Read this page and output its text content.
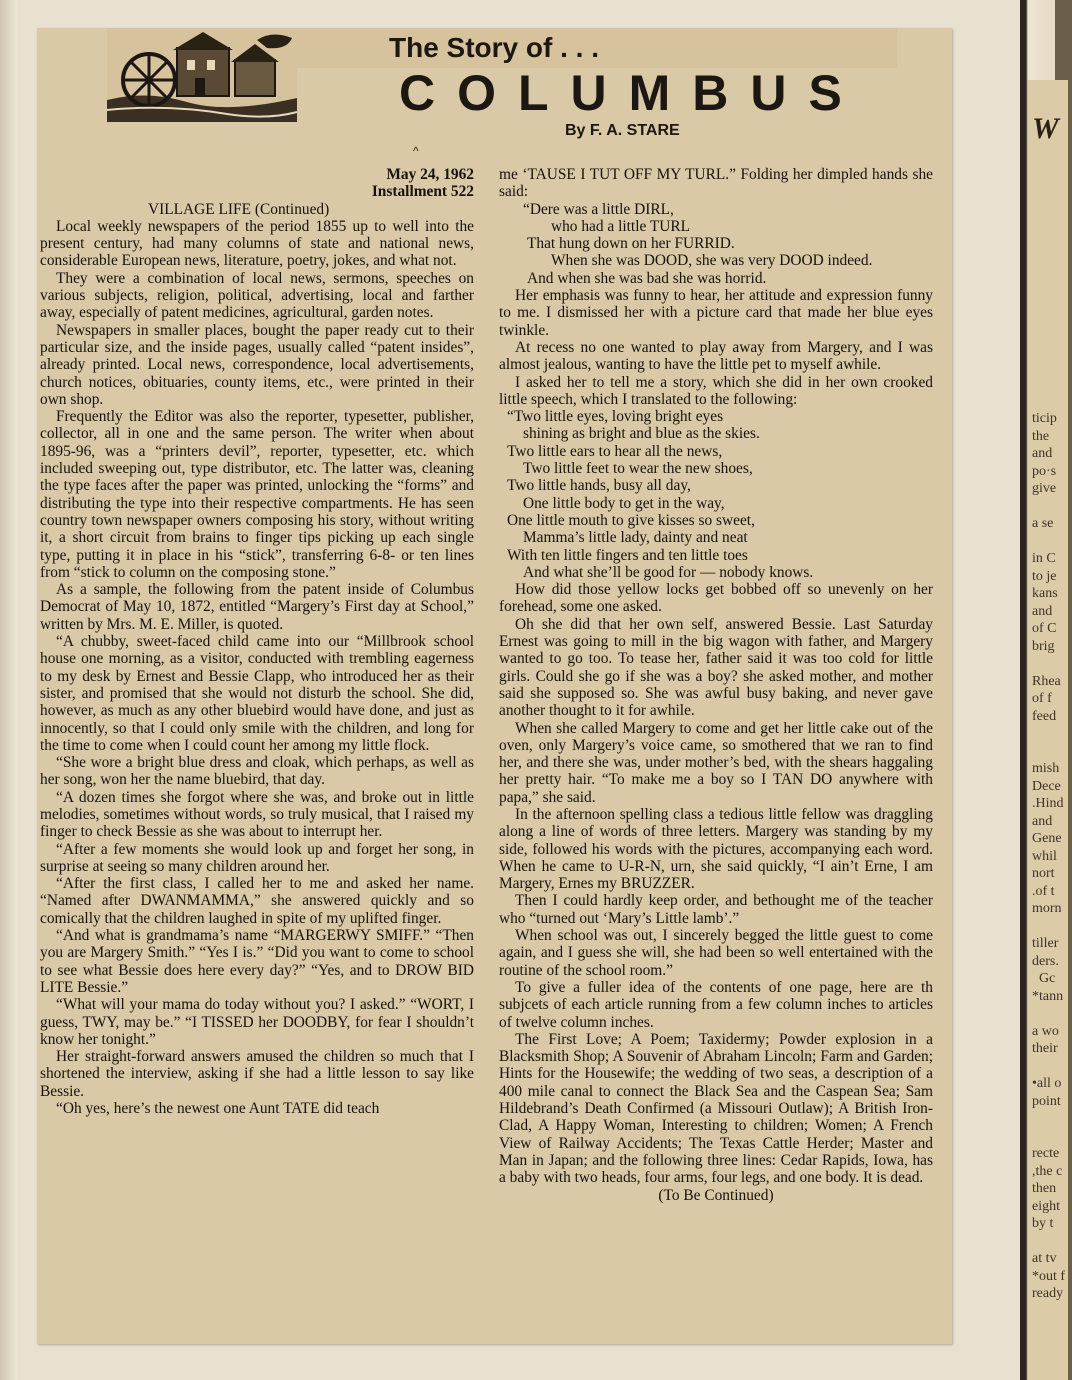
The Story of . . .
COLUMBUS
By F. A. STARE
^

May 24, 1962

Installment 522

VILLAGE LIFE (Continued)

Local weekly newspapers of the period 1855 up to well into the present century, had many columns of state and national news, considerable European news, literature, poetry, jokes, and what not.

They were a combination of local news, sermons, speeches on various subjects, religion, political, advertising, local and farther away, especially of patent medicines, agricultural, garden notes.

Newspapers in smaller places, bought the paper ready cut to their particular size, and the inside pages, usually called “patent insides”, already printed. Local news, correspondence, local advertisements, church notices, obituaries, county items, etc., were printed in their own shop.

Frequently the Editor was also the reporter, typesetter, publisher, collector, all in one and the same person. The writer when about 1895-96, was a “printers devil”, reporter, typesetter, etc. which included sweeping out, type distributor, etc. The latter was, cleaning the type faces after the paper was printed, unlocking the “forms” and distributing the type into their respective compartments. He has seen country town newspaper owners composing his story, without writing it, a short circuit from brains to finger tips picking up each single type, putting it in place in his “stick”, transferring 6-8- or ten lines from “stick to column on the composing stone.”

As a sample, the following from the patent inside of Columbus Democrat of May 10, 1872, entitled “Margery’s First day at School,” written by Mrs. M. E. Miller, is quoted.

“A chubby, sweet-faced child came into our “Millbrook school house one morning, as a visitor, conducted with trembling eagerness to my desk by Ernest and Bessie Clapp, who introduced her as their sister, and promised that she would not disturb the school. She did, however, as much as any other bluebird would have done, and just as innocently, so that I could only smile with the children, and long for the time to come when I could count her among my little flock.

“She wore a bright blue dress and cloak, which perhaps, as well as her song, won her the name bluebird, that day.

“A dozen times she forgot where she was, and broke out in little melodies, sometimes without words, so truly musical, that I raised my finger to check Bessie as she was about to interrupt her.

“After a few moments she would look up and forget her song, in surprise at seeing so many children around her.

“After the first class, I called her to me and asked her name. “Named after DWANMAMMA,” she answered quickly and so comically that the children laughed in spite of my uplifted finger.

“And what is grandmama’s name “MARGERWY SMIFF.” “Then you are Margery Smith.” “Yes I is.” “Did you want to come to school to see what Bessie does here every day?” “Yes, and to DROW BID LITE Bessie.”

“What will your mama do today without you? I asked.” “WORT, I guess, TWY, may be.” “I TISSED her DOODBY, for fear I shouldn’t know her tonight.”

Her straight-forward answers amused the children so much that I shortened the interview, asking if she had a little lesson to say like Bessie.

“Oh yes, here’s the newest one Aunt TATE did teach

me ‘TAUSE I TUT OFF MY TURL.” Folding her dimpled hands she said:

“Dere was a little DIRL,

who had a little TURL

That hung down on her FURRID.

When she was DOOD, she was very DOOD indeed.

And when she was bad she was horrid.

Her emphasis was funny to hear, her attitude and expression funny to me. I dismissed her with a picture card that made her blue eyes twinkle.

At recess no one wanted to play away from Margery, and I was almost jealous, wanting to have the little pet to myself awhile.

I asked her to tell me a story, which she did in her own crooked little speech, which I translated to the following:

“Two little eyes, loving bright eyes

shining as bright and blue as the skies.

Two little ears to hear all the news,

Two little feet to wear the new shoes,

Two little hands, busy all day,

One little body to get in the way,

One little mouth to give kisses so sweet,

Mamma’s little lady, dainty and neat

With ten little fingers and ten little toes

And what she’ll be good for — nobody knows.

How did those yellow locks get bobbed off so unevenly on her forehead, some one asked.

Oh she did that her own self, answered Bessie. Last Saturday Ernest was going to mill in the big wagon with father, and Margery wanted to go too. To tease her, father said it was too cold for little girls. Could she go if she was a boy? she asked mother, and mother said she supposed so. She was awful busy baking, and never gave another thought to it for awhile.

When she called Margery to come and get her little cake out of the oven, only Margery’s voice came, so smothered that we ran to find her, and there she was, under mother’s bed, with the shears haggaling her pretty hair. “To make me a boy so I TAN DO anywhere with papa,” she said.

In the afternoon spelling class a tedious little fellow was draggling along a line of words of three letters. Margery was standing by my side, followed his words with the pictures, accompanying each word. When he came to U-R-N, urn, she said quickly, “I ain’t Erne, I am Margery, Ernes my BRUZZER.

Then I could hardly keep order, and bethought me of the teacher who “turned out ‘Mary’s Little lamb’.”

When school was out, I sincerely begged the little guest to come again, and I guess she will, she had been so well entertained with the routine of the school room.”

To give a fuller idea of the contents of one page, here are th subjcets of each article running from a few column inches to articles of twelve column inches.

The First Love; A Poem; Taxidermy; Powder explosion in a Blacksmith Shop; A Souvenir of Abraham Lincoln; Farm and Garden; Hints for the Housewife; the wedding of two seas, a description of a 400 mile canal to connect the Black Sea and the Caspean Sea; Sam Hildebrand’s Death Confirmed (a Missouri Outlaw); A British Iron-Clad, A Happy Woman, Interesting to children; Women; A French View of Railway Accidents; The Texas Cattle Herder; Master and Man in Japan; and the following three lines: Cedar Rapids, Iowa, has a baby with two heads, four arms, four legs, and one body. It is dead.

(To Be Continued)

W
ticip
the
and
po·s
give

a se

in C
to je
kans
and
of C
brig

Rhea
of f
feed

mish
Dece
.Hind
and
Gene
whil
nort
.of t
morn

tiller
ders.
Gc
*tann

a wo
their

•all o
point

recte
,the c
then
eight
by t

at tv
*out f
ready
